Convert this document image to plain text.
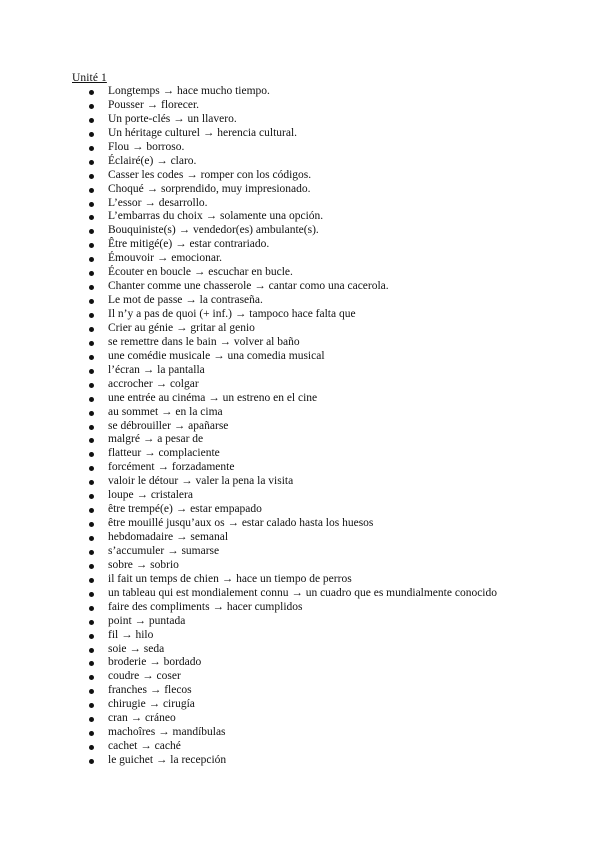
Unité 1
Longtemps → hace mucho tiempo.
Pousser → florecer.
Un porte-clés → un llavero.
Un héritage culturel → herencia cultural.
Flou → borroso.
Éclairé(e) → claro.
Casser les codes → romper con los códigos.
Choqué → sorprendido, muy impresionado.
L’essor → desarrollo.
L’embarras du choix → solamente una opción.
Bouquiniste(s) → vendedor(es) ambulante(s).
Être mitigé(e) → estar contrariado.
Émouvoir → emocionar.
Écouter en boucle → escuchar en bucle.
Chanter comme une chasserole → cantar como una cacerola.
Le mot de passe → la contraseña.
Il n’y a pas de quoi (+ inf.) → tampoco hace falta que
Crier au génie → gritar al genio
se remettre dans le bain → volver al baño
une comédie musicale → una comedia musical
l’écran → la pantalla
accrocher → colgar
une entrée au cinéma → un estreno en el cine
au sommet → en la cima
se débrouiller → apañarse
malgré → a pesar de
flatteur → complaciente
forcément → forzadamente
valoir le détour → valer la pena la visita
loupe → cristalera
être trempé(e) → estar empapado
être mouillé jusqu’aux os → estar calado hasta los huesos
hebdomadaire → semanal
s’accumuler → sumarse
sobre → sobrio
il fait un temps de chien → hace un tiempo de perros
un tableau qui est mondialement connu → un cuadro que es mundialmente conocido
faire des compliments → hacer cumplidos
point → puntada
fil → hilo
soie → seda
broderie → bordado
coudre → coser
franches → flecos
chirugie → cirugía
cran → cráneo
machoîres → mandíbulas
cachet → caché
le guichet → la recepción
